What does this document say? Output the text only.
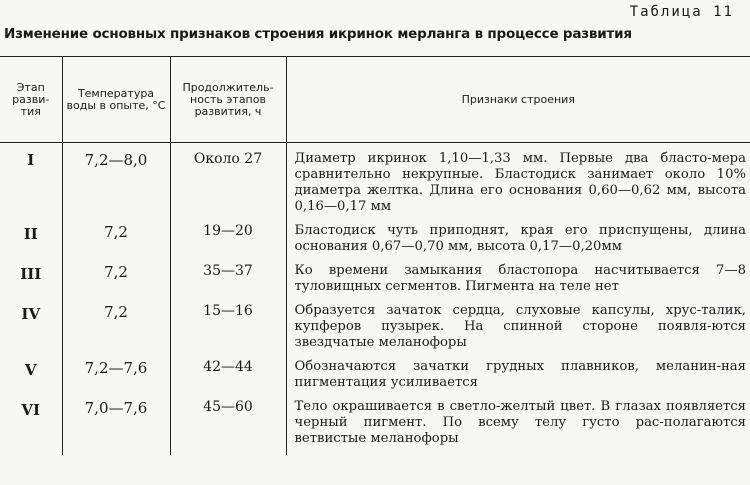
Таблица 11
Изменение основных признаков строения икринок мерланга в процессе развития
Этап разви-тия	Температура воды в опыте, °С	Продолжитель-ность этапов развития, ч	Признаки строения
I	7,2—8,0	Около 27	Диаметр икринок 1,10—1,33 мм. Первые два бласто-мера сравнительно некрупные. Бластодиск занимает около 10% диаметра желтка. Длина его основания 0,60—0,62 мм, высота 0,16—0,17 мм
II	7,2	19—20	Бластодиск чуть приподнят, края его приспущены, длина основания 0,67—0,70 мм, высота 0,17—0,20мм
III	7,2	35—37	Ко времени замыкания бластопора насчитывается 7—8 туловищных сегментов. Пигмента на теле нет
IV	7,2	15—16	Образуется зачаток сердца, слуховые капсулы, хрус-талик, купферов пузырек. На спинной стороне появля-ются звездчатые меланофоры
V	7,2—7,6	42—44	Обозначаются зачатки грудных плавников, меланин-ная пигментация усиливается
VI	7,0—7,6	45—60	Тело окрашивается в светло-желтый цвет. В глазах появляется черный пигмент. По всему телу густо рас-полагаются ветвистые меланофоры
